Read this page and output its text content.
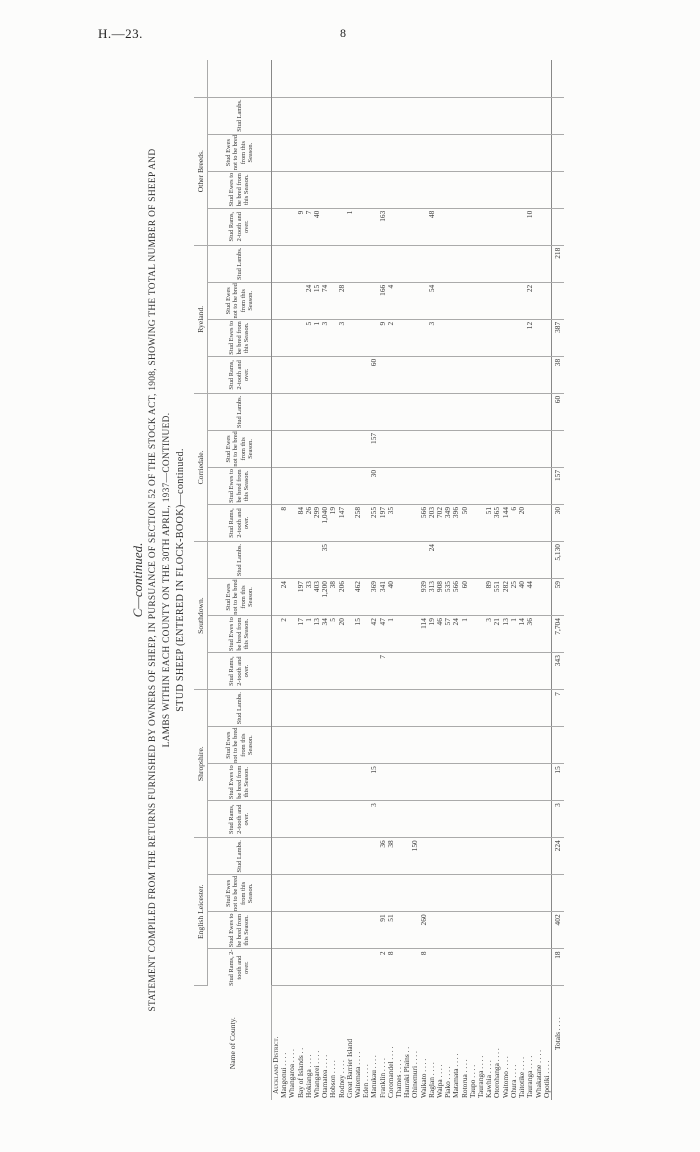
H.—23.	8
C—continued. STATEMENT COMPILED FROM THE RETURNS FURNISHED BY OWNERS OF SHEEP, IN PURSUANCE OF SECTION 52 OF THE STOCK ACT, 1908, SHOWING THE TOTAL NUMBER OF SHEEP AND LAMBS WITHIN EACH COUNTY ON THE 30TH APRIL, 1937—CONTINUED. STUD SHEEP (ENTERED IN FLOCK-BOOK)—continued.
Name of County.	English Leicester.				Shropshire.				Southdown.				Corriedale.				Ryeland.				Other Breeds.				
	Stud Rams, 2-tooth and over.	Stud Ewes to be bred from this Season.	Stud Ewes not to be bred from this Season.	Stud Lambs.	Stud Rams, 2-tooth and over.	Stud Ewes to be bred from this Season.	Stud Ewes not to be bred from this Season.	Stud Lambs.	Stud Rams, 2-tooth and over.	Stud Ewes to be bred from this Season.	Stud Ewes not to be bred from this Season.	Stud Lambs.	Stud Rams, 2-tooth and over.	Stud Ewes to be bred from this Season.	Stud Ewes not to be bred from this Season.	Stud Lambs.	Stud Rams, 2-tooth and over.	Stud Ewes to be bred from this Season.	Stud Ewes not to be bred from this Season.	Stud Lambs.	Stud Rams, 2-tooth and over.	Stud Ewes to be bred from this Season.	Stud Ewes not to be bred from this Season.	Stud Lambs.	
Auckland District.																									
Mangonui . . . .										2	24		8												
Whangaroa . . . .																									
Bay of Islands . .										17	197		84								9				
Hokianga . . . .										1	33		26					5	24		7				
Whangarei . . . .										13	403		299					1	15		40				
Otamatea . . . .										34	1,200	35	1,040					3	74						
Hobson . . . .										5	38		19												
Rodney . . . .										20	206		147					3	28						
Great Barrier Island																					1				
Waitemata . . . .										15	462		258												
Eden . . . . .																									
Manukau . . . .					3	15				42	369		255	30	157		60								
Franklin . . . .	2	91		36					7	47	341		197					9	166		163				
Coromandel . . . .	8	51		38						1	40		35					2	4						
Thames . . . .																									
Hauraki Plains . .																									
Ohinemuri . . . .				150																					
Waikato . . . .	8	260								114	939		566												
Raglan . . . .										19	313	24	203					3	54		48				
Waipa . . . .										46	908		702												
Piako . . . .										57	535		349												
Matamata . . . .										24	566		396												
Rotorua . . . .										1	60		50												
Taupo . . . .																									
Tauranga . . . .																									
Kawhia . . . .										3	89		51												
Otorohanga . . . .										21	551		365												
Waitomo . . . .										13	282		144												
Ohura . . . .										1	25		6												
Taitotike . . . .										14	40		20												
Tauranga . . . .										36	44							12	22		10				
Whakatane . . . .																									
Opotiki . . . .																									
Totals . . . .	18	402		224	3	15		7	343	7,704	59	5,130	30	157		60	38	387		218					
